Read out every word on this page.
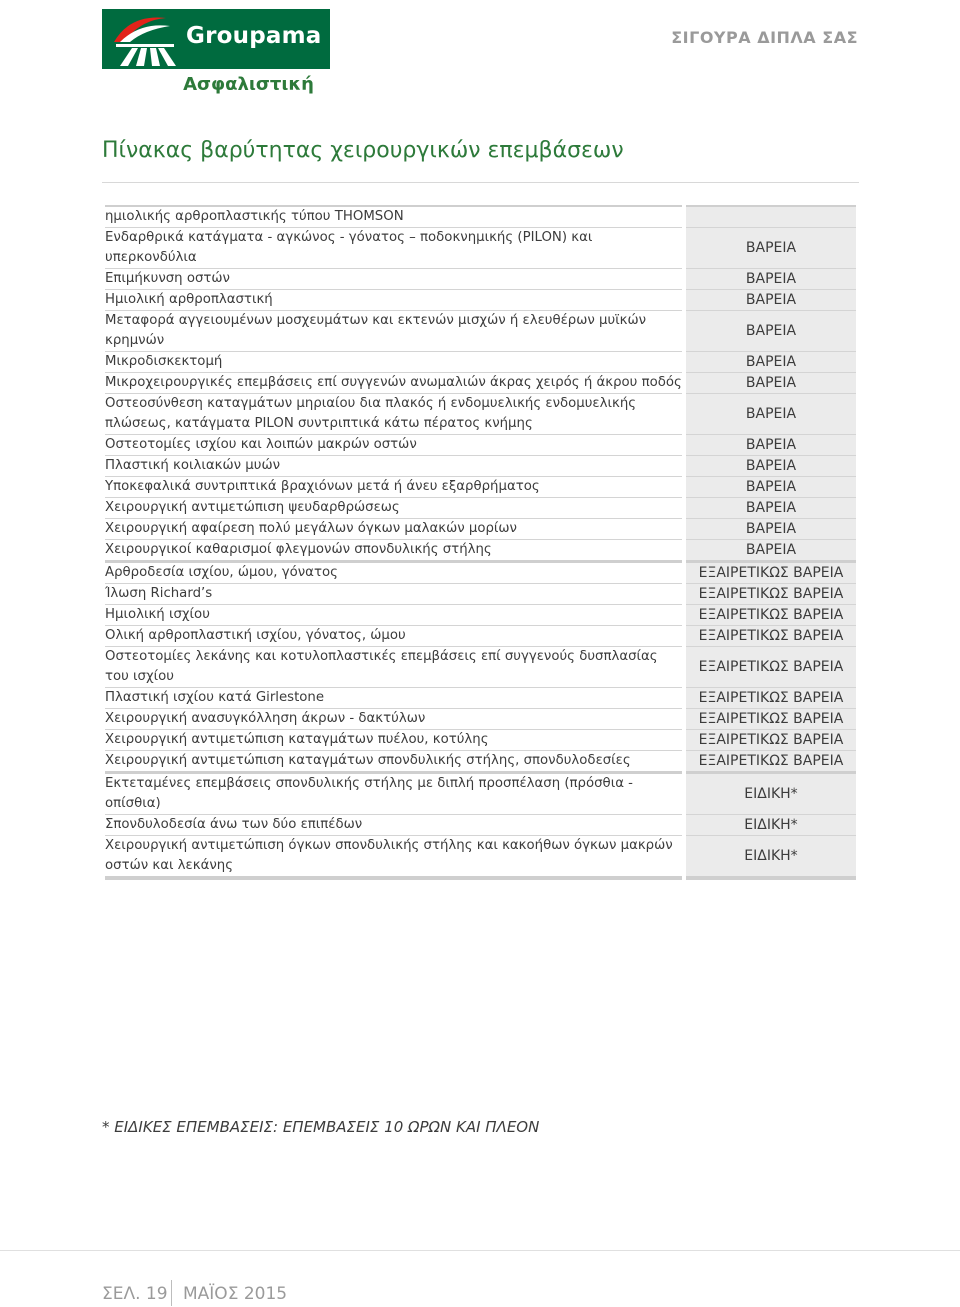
Groupama
Ασφαλιστική
ΣΙΓΟΥΡΑ ΔΙΠΛΑ ΣΑΣ
Πίνακας βαρύτητας χειρουργικών επεμβάσεων
ημιολικής αρθροπλαστικής τύπου THOMSON		
Ενδαρθρικά κατάγματα - αγκώνος - γόνατος – ποδοκνημικής (PILON) και υπερκονδύλια		ΒΑΡΕΙΑ
Επιμήκυνση οστών		ΒΑΡΕΙΑ
Ημιολική αρθροπλαστική		ΒΑΡΕΙΑ
Μεταφορά αγγειουμένων μοσχευμάτων και εκτενών μισχών ή ελευθέρων μυϊκών κρημνών		ΒΑΡΕΙΑ
Μικροδισκεκτομή		ΒΑΡΕΙΑ
Μικροχειρουργικές επεμβάσεις επί συγγενών ανωμαλιών άκρας χειρός ή άκρου ποδός		ΒΑΡΕΙΑ
Οστεοσύνθεση καταγμάτων μηριαίου δια πλακός ή ενδομυελικής ενδομυελικής πλώσεως, κατάγματα PILON συντριπτικά κάτω πέρατος κνήμης		ΒΑΡΕΙΑ
Οστεοτομίες ισχίου και λοιπών μακρών οστών		ΒΑΡΕΙΑ
Πλαστική κοιλιακών μυών		ΒΑΡΕΙΑ
Υποκεφαλικά συντριπτικά βραχιόνων μετά ή άνευ εξαρθρήματος		ΒΑΡΕΙΑ
Χειρουργική αντιμετώπιση ψευδαρθρώσεως		ΒΑΡΕΙΑ
Χειρουργική αφαίρεση πολύ μεγάλων όγκων μαλακών μορίων		ΒΑΡΕΙΑ
Χειρουργικοί καθαρισμοί φλεγμονών σπονδυλικής στήλης		ΒΑΡΕΙΑ
Αρθροδεσία ισχίου, ώμου, γόνατος		ΕΞΑΙΡΕΤΙΚΩΣ ΒΑΡΕΙΑ
Ίλωση Richard’s		ΕΞΑΙΡΕΤΙΚΩΣ ΒΑΡΕΙΑ
Ημιολική ισχίου		ΕΞΑΙΡΕΤΙΚΩΣ ΒΑΡΕΙΑ
Ολική αρθροπλαστική ισχίου, γόνατος, ώμου		ΕΞΑΙΡΕΤΙΚΩΣ ΒΑΡΕΙΑ
Οστεοτομίες λεκάνης και κοτυλοπλαστικές επεμβάσεις επί συγγενούς δυσπλασίας του ισχίου		ΕΞΑΙΡΕΤΙΚΩΣ ΒΑΡΕΙΑ
Πλαστική ισχίου κατά Girlestone		ΕΞΑΙΡΕΤΙΚΩΣ ΒΑΡΕΙΑ
Χειρουργική ανασυγκόλληση άκρων - δακτύλων		ΕΞΑΙΡΕΤΙΚΩΣ ΒΑΡΕΙΑ
Χειρουργική αντιμετώπιση καταγμάτων πυέλου, κοτύλης		ΕΞΑΙΡΕΤΙΚΩΣ ΒΑΡΕΙΑ
Χειρουργική αντιμετώπιση καταγμάτων σπονδυλικής στήλης, σπονδυλοδεσίες		ΕΞΑΙΡΕΤΙΚΩΣ ΒΑΡΕΙΑ
Εκτεταμένες επεμβάσεις σπονδυλικής στήλης με διπλή προσπέλαση (πρόσθια - οπίσθια)		ΕΙΔΙΚΗ*
Σπονδυλοδεσία άνω των δύο επιπέδων		ΕΙΔΙΚΗ*
Χειρουργική αντιμετώπιση όγκων σπονδυλικής στήλης και κακοήθων όγκων μακρών οστών και λεκάνης		ΕΙΔΙΚΗ*
* ΕΙΔΙΚΕΣ ΕΠΕΜΒΑΣΕΙΣ: ΕΠΕΜΒΑΣΕΙΣ 10 ΩΡΩΝ ΚΑΙ ΠΛΕΟΝ
ΣΕΛ. 19 ΜΑΪΟΣ 2015
